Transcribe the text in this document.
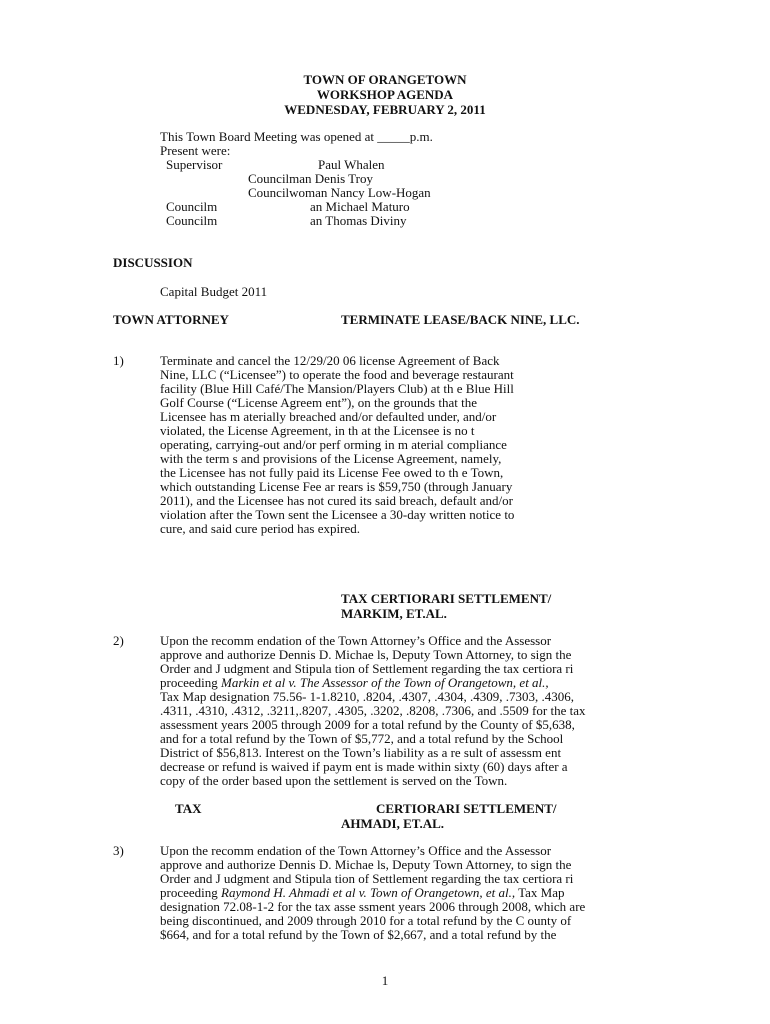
TOWN OF ORANGETOWN
WORKSHOP AGENDA
WEDNESDAY, FEBRUARY 2, 2011
This Town Board Meeting was opened at _____p.m.
Present were:
Supervisor	Paul Whalen
Councilman Denis Troy
Councilwoman Nancy Low-Hogan
Councilm	an Michael Maturo
Councilm	an Thomas Diviny
DISCUSSION
Capital Budget 2011
TOWN ATTORNEY	TERMINATE LEASE/BACK NINE, LLC.
1)	Terminate and cancel the 12/29/20 06 license Agreement of Back
Nine, LLC (“Licensee”) to operate the food and beverage restaurant
facility (Blue Hill Café/The Mansion/Players Club) at th e Blue Hill
Golf Course (“License Agreem ent”), on the grounds that the
Licensee has m aterially breached and/or defaulted under, and/or
violated, the License Agreement, in th at the Licensee is no t
operating, carrying-out and/or perf orming in m aterial compliance
with the term s and provisions of the License Agreement, namely,
the Licensee has not fully paid its License Fee owed to th e Town,
which outstanding License Fee ar rears is $59,750 (through January
2011), and the Licensee has not cured its said breach, default and/or
violation after the Town sent the Licensee a 30-day written notice to
cure, and said cure period has expired.
TAX CERTIORARI SETTLEMENT/
MARKIM, ET.AL.
2)	Upon the recomm endation of the Town Attorney’s Office and the Assessor
approve and authorize Dennis D. Michae ls, Deputy Town Attorney, to sign the
Order and J udgment and Stipula tion of Settlement regarding the tax certiora ri
proceeding Markin et al v. The Assessor of the Town of Orangetown, et al.,
Tax Map designation 75.56- 1-1.8210, .8204, .4307, .4304, .4309, .7303, .4306,
.4311, .4310, .4312, .3211,.8207, .4305, .3202, .8208, .7306, and .5509 for the tax
assessment years 2005 through 2009 for a total refund by the County of $5,638,
and for a total refund by the Town of $5,772, and a total refund by the School
District of $56,813. Interest on the Town’s liability as a re sult of assessm ent
decrease or refund is waived if paym ent is made within sixty (60) days after a
copy of the order based upon the settlement is served on the Town.
TAX	CERTIORARI SETTLEMENT/
AHMADI, ET.AL.
3)	Upon the recomm endation of the Town Attorney’s Office and the Assessor
approve and authorize Dennis D. Michae ls, Deputy Town Attorney, to sign the
Order and J udgment and Stipula tion of Settlement regarding the tax certiora ri
proceeding Raymond H. Ahmadi et al v. Town of Orangetown, et al., Tax Map
designation 72.08-1-2 for the tax asse ssment years 2006 through 2008, which are
being discontinued, and 2009 through 2010 for a total refund by the C ounty of
$664, and for a total refund by the Town of $2,667, and a total refund by the
1
